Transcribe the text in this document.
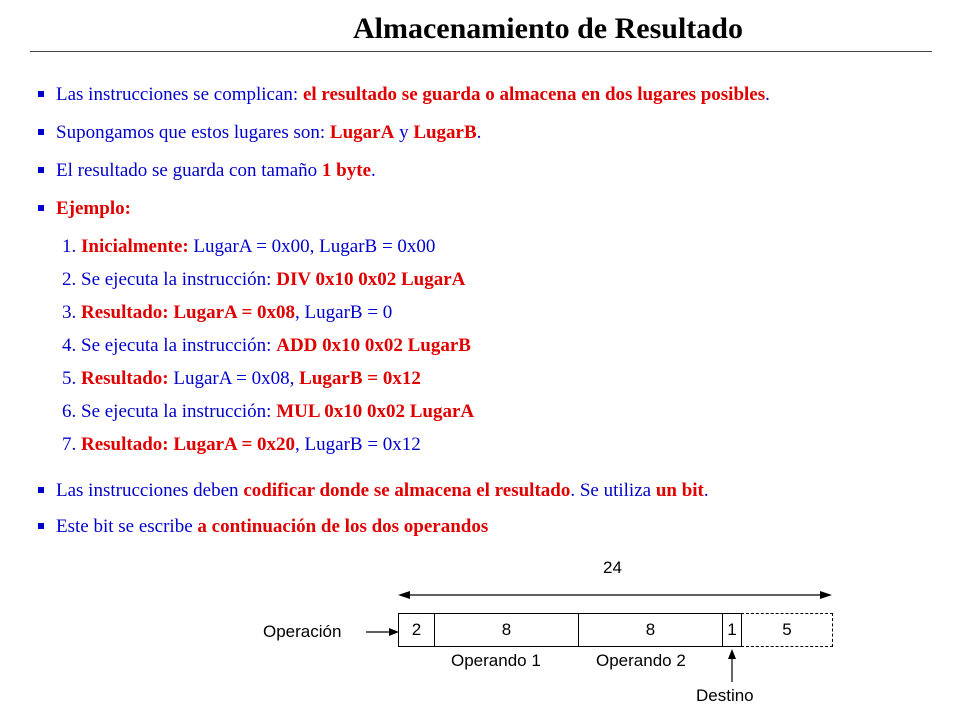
Almacenamiento de Resultado
Las instrucciones se complican: el resultado se guarda o almacena en dos lugares posibles.
Supongamos que estos lugares son: LugarA y LugarB.
El resultado se guarda con tamaño 1 byte.
Ejemplo:
1. Inicialmente: LugarA = 0x00, LugarB = 0x00
2. Se ejecuta la instrucción: DIV 0x10 0x02 LugarA
3. Resultado: LugarA = 0x08, LugarB = 0
4. Se ejecuta la instrucción: ADD 0x10 0x02 LugarB
5. Resultado: LugarA = 0x08, LugarB = 0x12
6. Se ejecuta la instrucción: MUL 0x10 0x02 LugarA
7. Resultado: LugarA = 0x20, LugarB = 0x12
Las instrucciones deben codificar donde se almacena el resultado. Se utiliza un bit.
Este bit se escribe a continuación de los dos operandos
24
Operación	2	8	8	1	5
Operando 1	Operando 2
Destino
